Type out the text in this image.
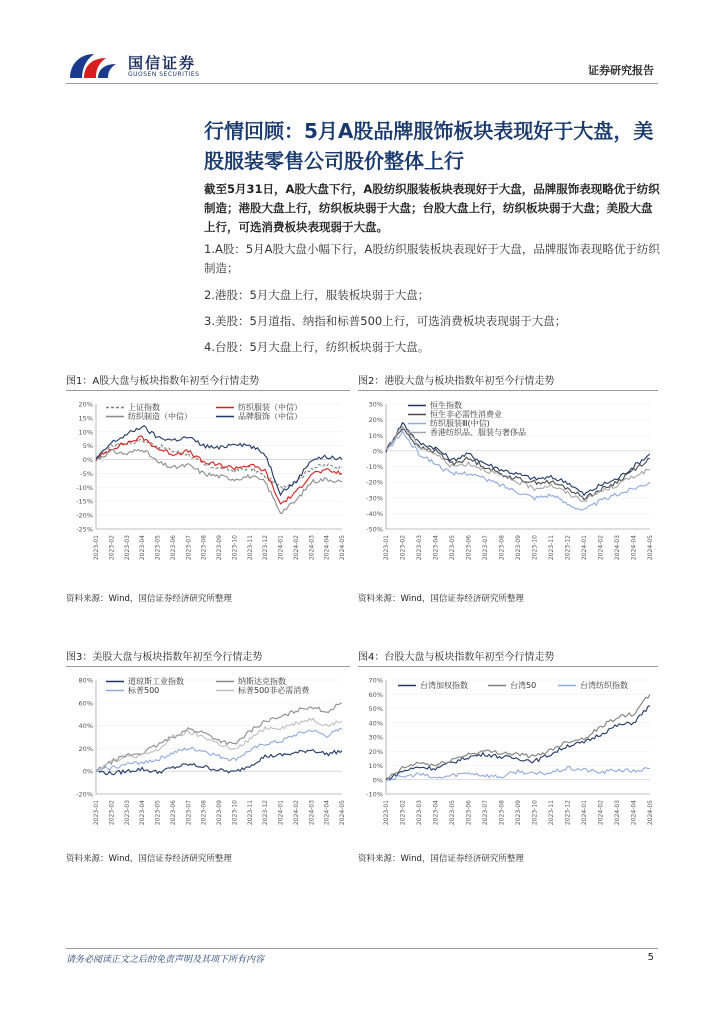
国信证券
GUOSEN SECURITIES	证券研究报告
行情回顾：5月A股品牌服饰板块表现好于大盘，美股服装零售公司股价整体上行
截至5月31日，A股大盘下行，A股纺织服装板块表现好于大盘，品牌服饰表现略优于纺织制造；港股大盘上行，纺织板块弱于大盘；台股大盘上行，纺织板块弱于大盘；美股大盘上行，可选消费板块表现弱于大盘。
1.A股：5月A股大盘小幅下行，A股纺织服装板块表现好于大盘，品牌服饰表现略优于纺织制造；
2.港股：5月大盘上行，服装板块弱于大盘；
3.美股：5月道指、纳指和标普500上行，可选消费板块表现弱于大盘；
4.台股：5月大盘上行，纺织板块弱于大盘。
图1：A股大盘与板块指数年初至今行情走势
20%
15%
10%
5%
0%
-5%
-10%
-15%
-20%
-25%
2023-01 2023-02 2023-03 2023-04 2023-05 2023-06 2023-07 2023-08 2023-09 2023-10 2023-11 2023-12 2024-01 2024-02 2024-03 2024-04 2024-05
上证指数	纺织服装（中信）
纺织制造（中信）	品牌服饰（中信）
资料来源：Wind，国信证券经济研究所整理
图2：港股大盘与板块指数年初至今行情走势
30%
20%
10%
0%
-10%
-20%
-30%
-40%
-50%
2023-01 2023-02 2023-03 2023-04 2023-05 2023-06 2023-07 2023-08 2023-09 2023-10 2023-11 2023-12 2024-01 2024-02 2024-03 2024-04 2024-05
恒生指数
恒生非必需性消费业
纺织服装Ⅲ(中信)
香港纺织品、服装与奢侈品
资料来源：Wind，国信证券经济研究所整理
图3：美股大盘与板块指数年初至今行情走势
80%
60%
40%
20%
0%
-20%
2023-01 2023-02 2023-03 2023-04 2023-05 2023-06 2023-07 2023-08 2023-09 2023-10 2023-11 2023-12 2024-01 2024-02 2024-03 2024-04 2024-05
道琼斯工业指数	纳斯达克指数
标普500	标普500非必需消费
资料来源：Wind，国信证券经济研究所整理
图4：台股大盘与板块指数年初至今行情走势
70%
60%
50%
40%
30%
20%
10%
0%
-10%
2023-01 2023-02 2023-03 2023-04 2023-05 2023-06 2023-07 2023-08 2023-09 2023-10 2023-11 2023-12 2024-01 2024-02 2024-03 2024-04 2024-05
台湾加权指数	台湾50	台湾纺织指数
资料来源：Wind，国信证券经济研究所整理
请务必阅读正文之后的免责声明及其项下所有内容	5
